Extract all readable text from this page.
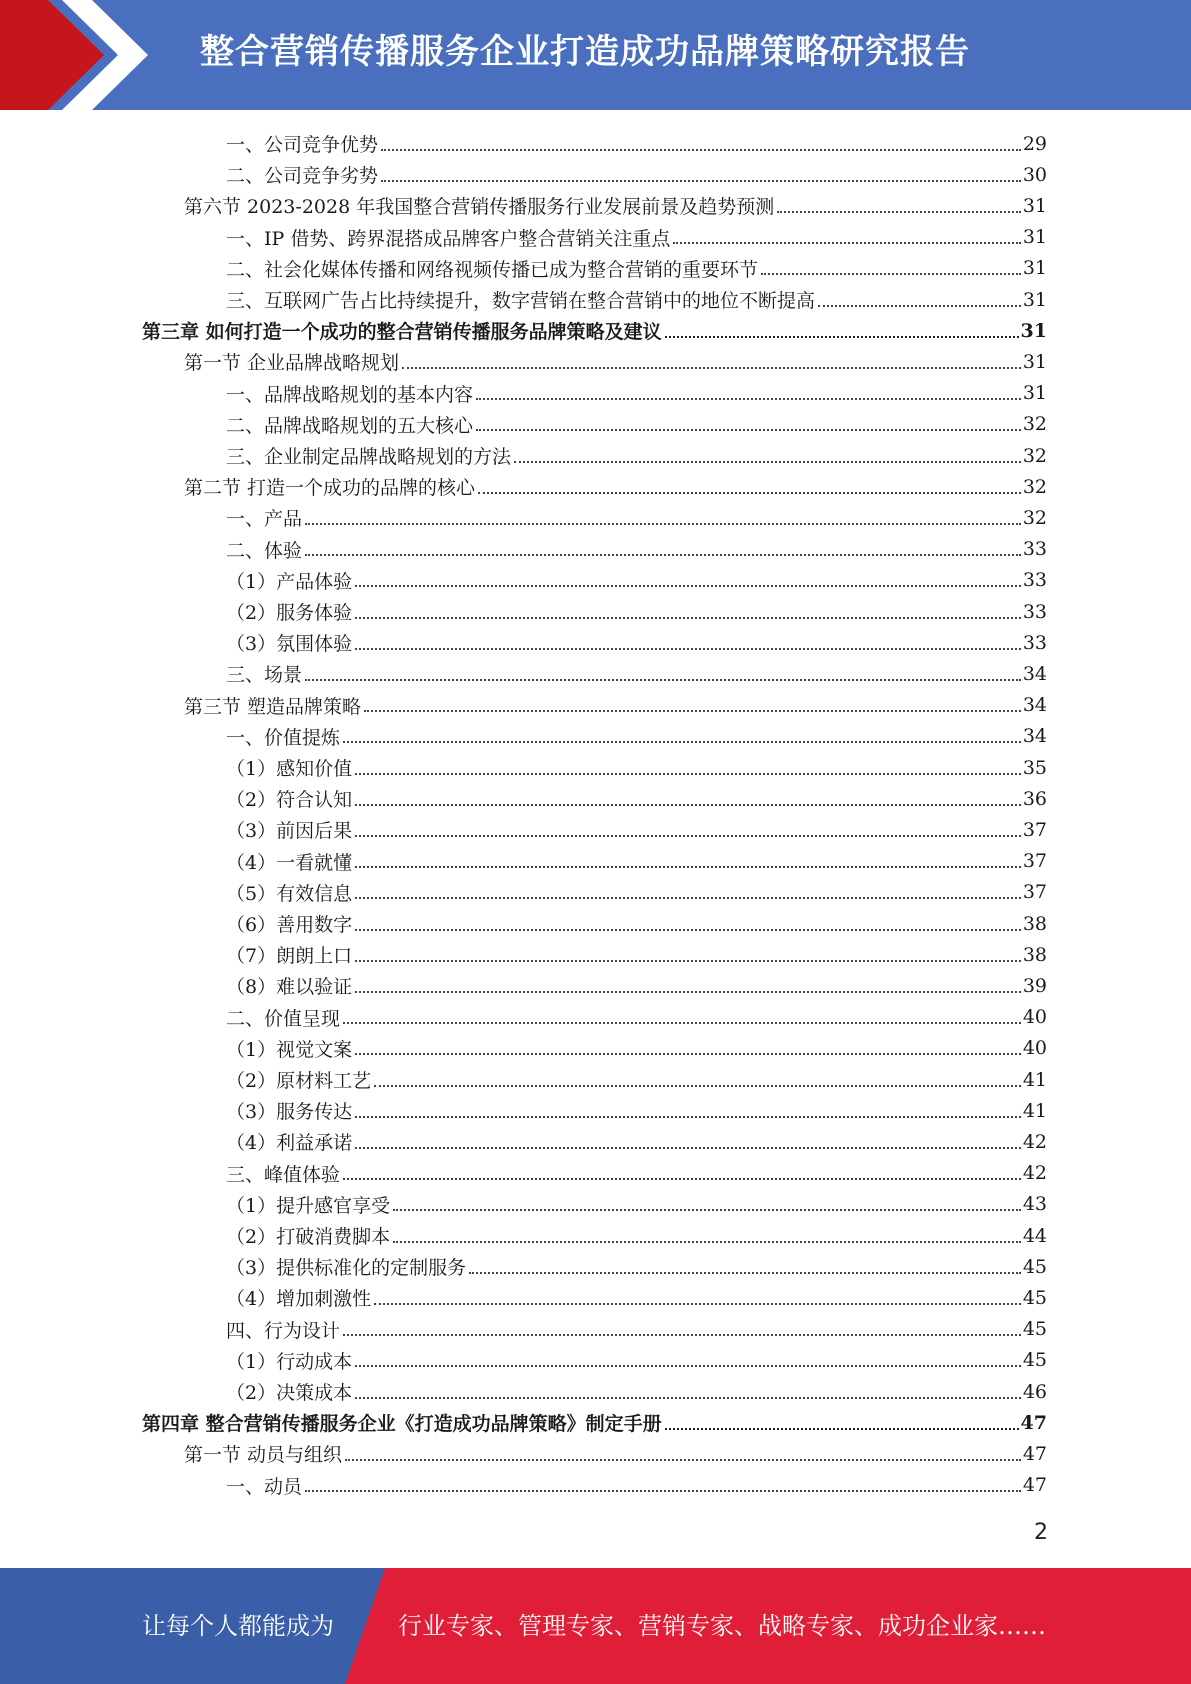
整合营销传播服务企业打造成功品牌策略研究报告
一、公司竞争优势	29
二、公司竞争劣势	30
第六节 2023-2028 年我国整合营销传播服务行业发展前景及趋势预测	31
一、IP 借势、跨界混搭成品牌客户整合营销关注重点	31
二、社会化媒体传播和网络视频传播已成为整合营销的重要环节	31
三、互联网广告占比持续提升，数字营销在整合营销中的地位不断提高	31
第三章 如何打造一个成功的整合营销传播服务品牌策略及建议	31
第一节 企业品牌战略规划	31
一、品牌战略规划的基本内容	31
二、品牌战略规划的五大核心	32
三、企业制定品牌战略规划的方法	32
第二节 打造一个成功的品牌的核心	32
一、产品	32
二、体验	33
（1）产品体验	33
（2）服务体验	33
（3）氛围体验	33
三、场景	34
第三节 塑造品牌策略	34
一、价值提炼	34
（1）感知价值	35
（2）符合认知	36
（3）前因后果	37
（4）一看就懂	37
（5）有效信息	37
（6）善用数字	38
（7）朗朗上口	38
（8）难以验证	39
二、价值呈现	40
（1）视觉文案	40
（2）原材料工艺	41
（3）服务传达	41
（4）利益承诺	42
三、峰值体验	42
（1）提升感官享受	43
（2）打破消费脚本	44
（3）提供标准化的定制服务	45
（4）增加刺激性	45
四、行为设计	45
（1）行动成本	45
（2）决策成本	46
第四章 整合营销传播服务企业《打造成功品牌策略》制定手册	47
第一节 动员与组织	47
一、动员	47
2
让每个人都能成为	行业专家、管理专家、营销专家、战略专家、成功企业家……
